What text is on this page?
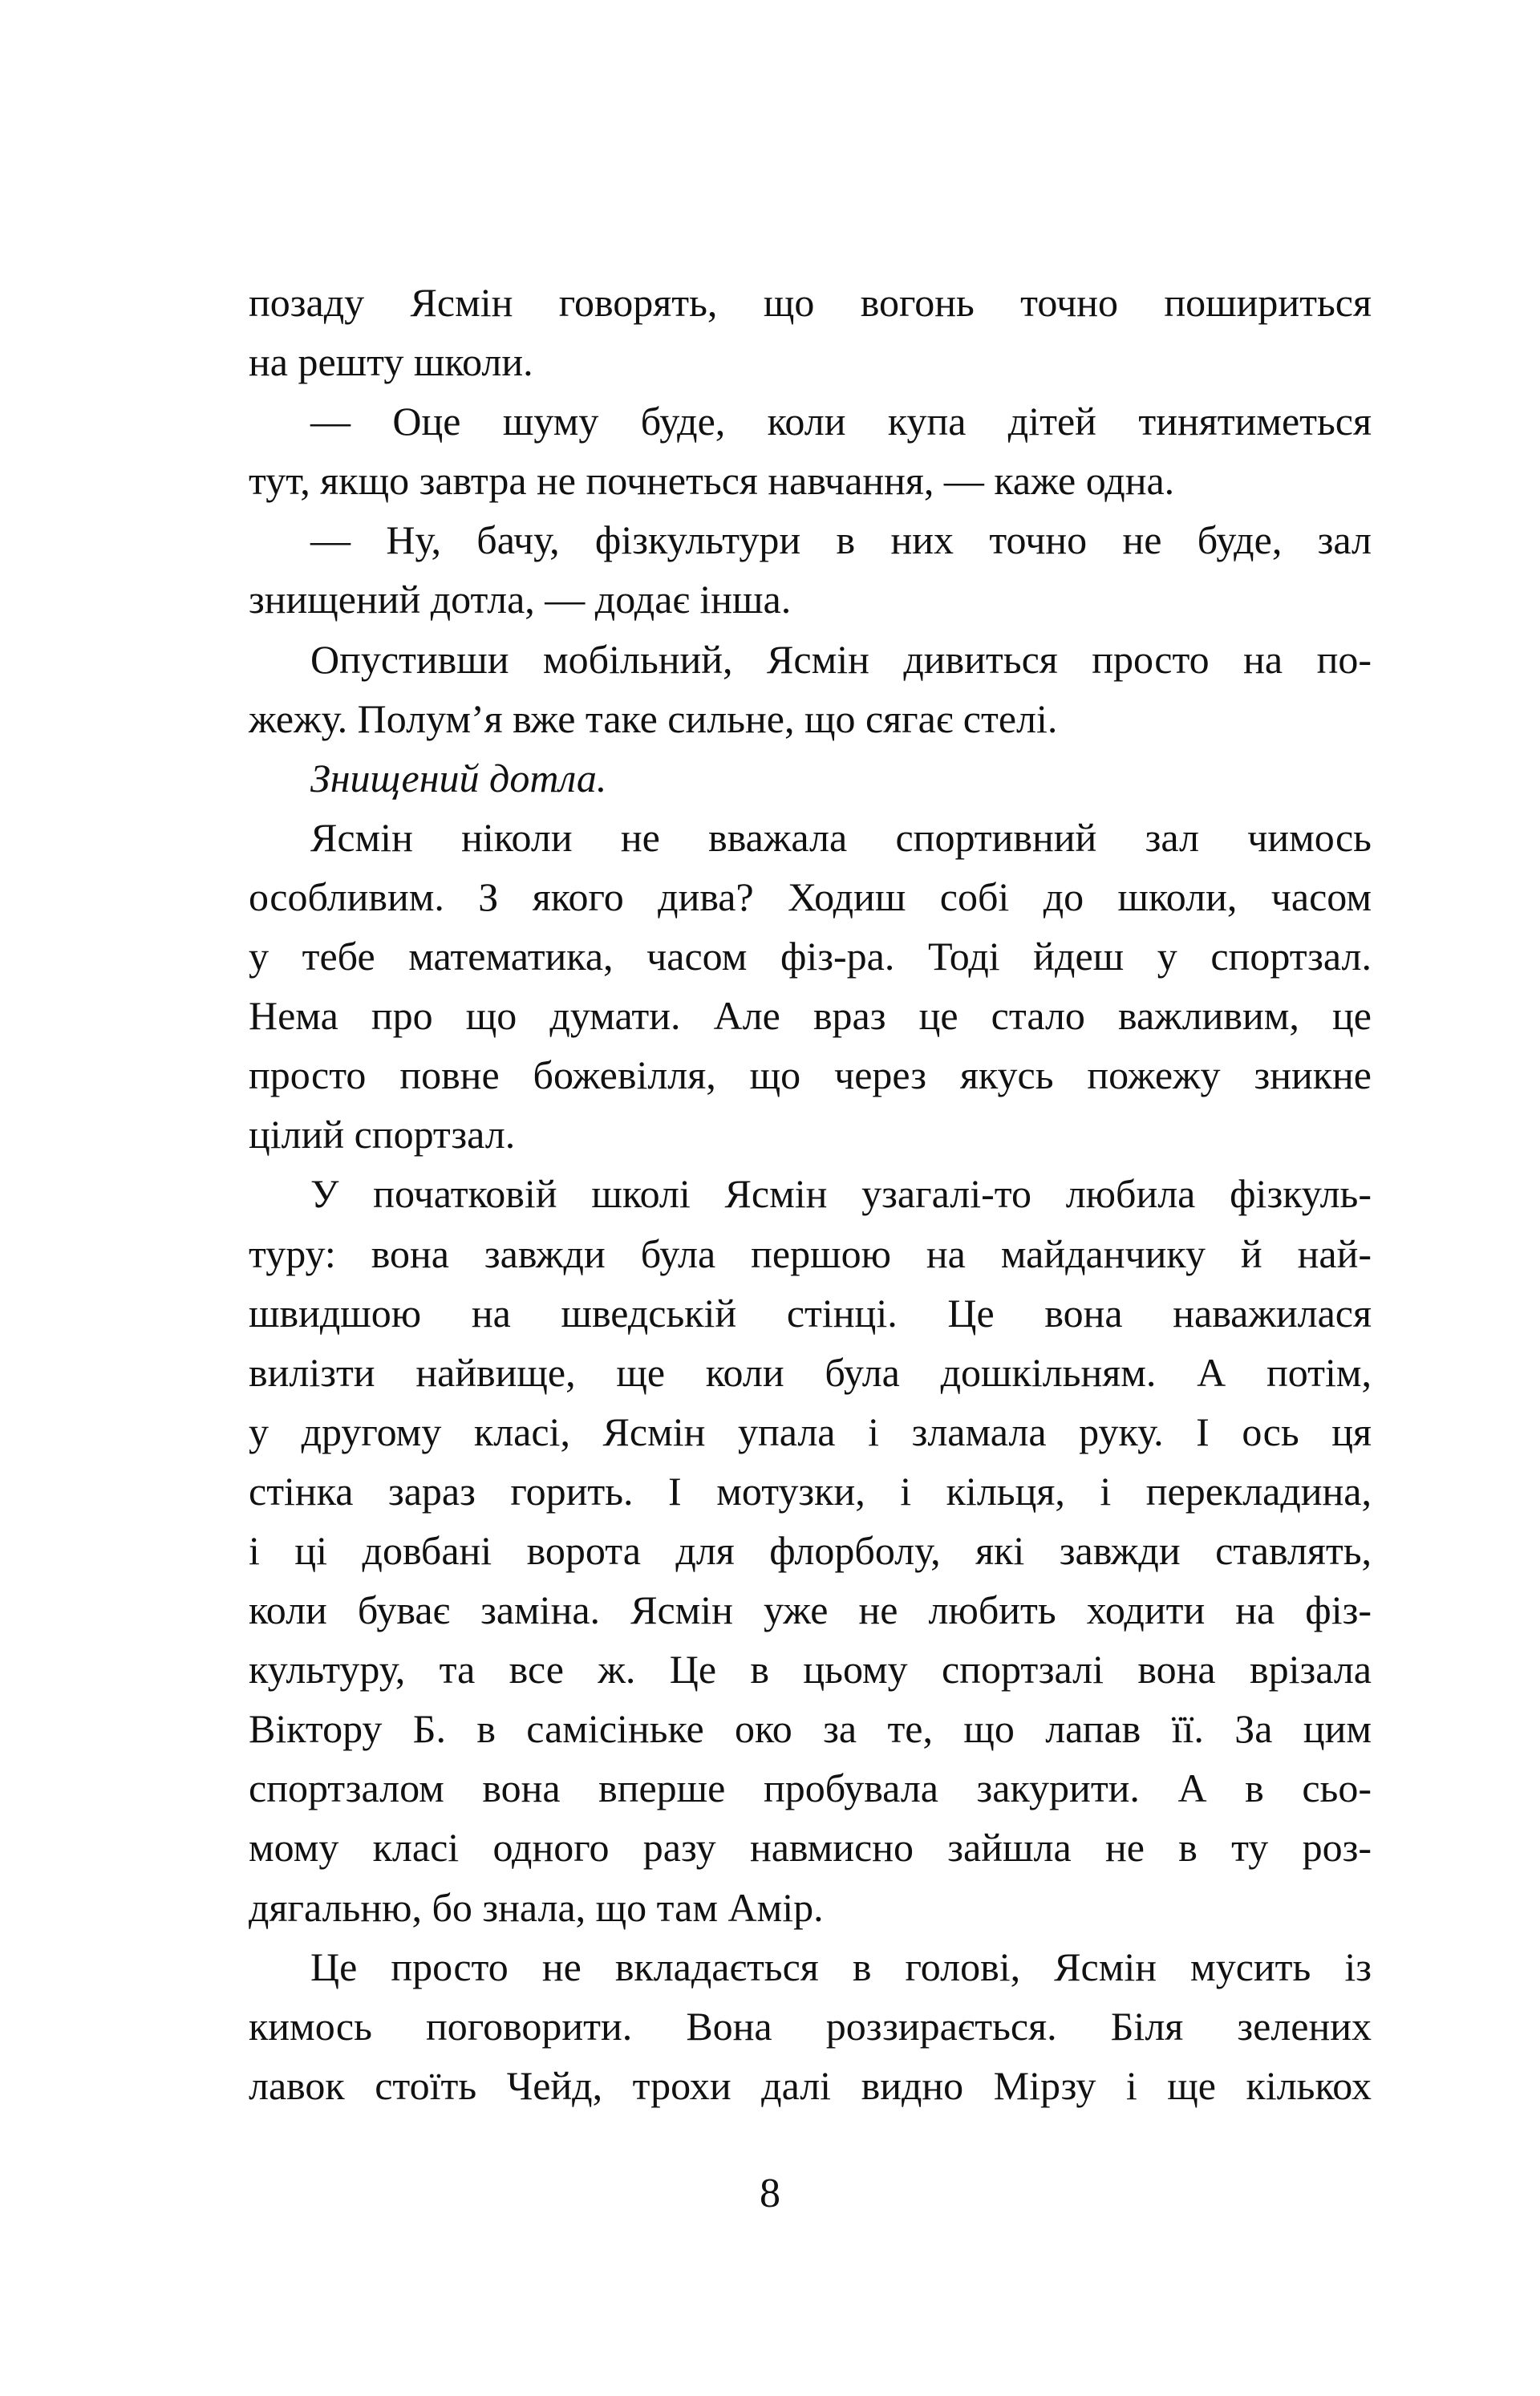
позаду Ясмін говорять, що вогонь точно пошириться
на решту школи.
— Оце шуму буде, коли купа дітей тинятиметься
тут, якщо завтра не почнеться навчання, — каже одна.
— Ну, бачу, фізкультури в них точно не буде, зал
знищений дотла, — додає інша.
Опустивши мобільний, Ясмін дивиться просто на по-
жежу. Полум’я вже таке сильне, що сягає стелі.
Знищений дотла.
Ясмін ніколи не вважала спортивний зал чимось
особливим. З якого дива? Ходиш собі до школи, часом
у тебе математика, часом фіз-ра. Тоді йдеш у спортзал.
Нема про що думати. Але враз це стало важливим, це
просто повне божевілля, що через якусь пожежу зникне
цілий спортзал.
У початковій школі Ясмін узагалі-то любила фізкуль-
туру: вона завжди була першою на майданчику й най-
швидшою на шведській стінці. Це вона наважилася
вилізти найвище, ще коли була дошкільням. А потім,
у другому класі, Ясмін упала і зламала руку. І ось ця
стінка зараз горить. І мотузки, і кільця, і перекладина,
і ці довбані ворота для флорболу, які завжди ставлять,
коли буває заміна. Ясмін уже не любить ходити на фіз-
культуру, та все ж. Це в цьому спортзалі вона врізала
Віктору Б. в самісіньке око за те, що лапав її. За цим
спортзалом вона вперше пробувала закурити. А в сьо-
мому класі одного разу навмисно зайшла не в ту роз-
дягальню, бо знала, що там Амір.
Це просто не вкладається в голові, Ясмін мусить із
кимось поговорити. Вона роззирається. Біля зелених
лавок стоїть Чейд, трохи далі видно Мірзу і ще кількох
8
